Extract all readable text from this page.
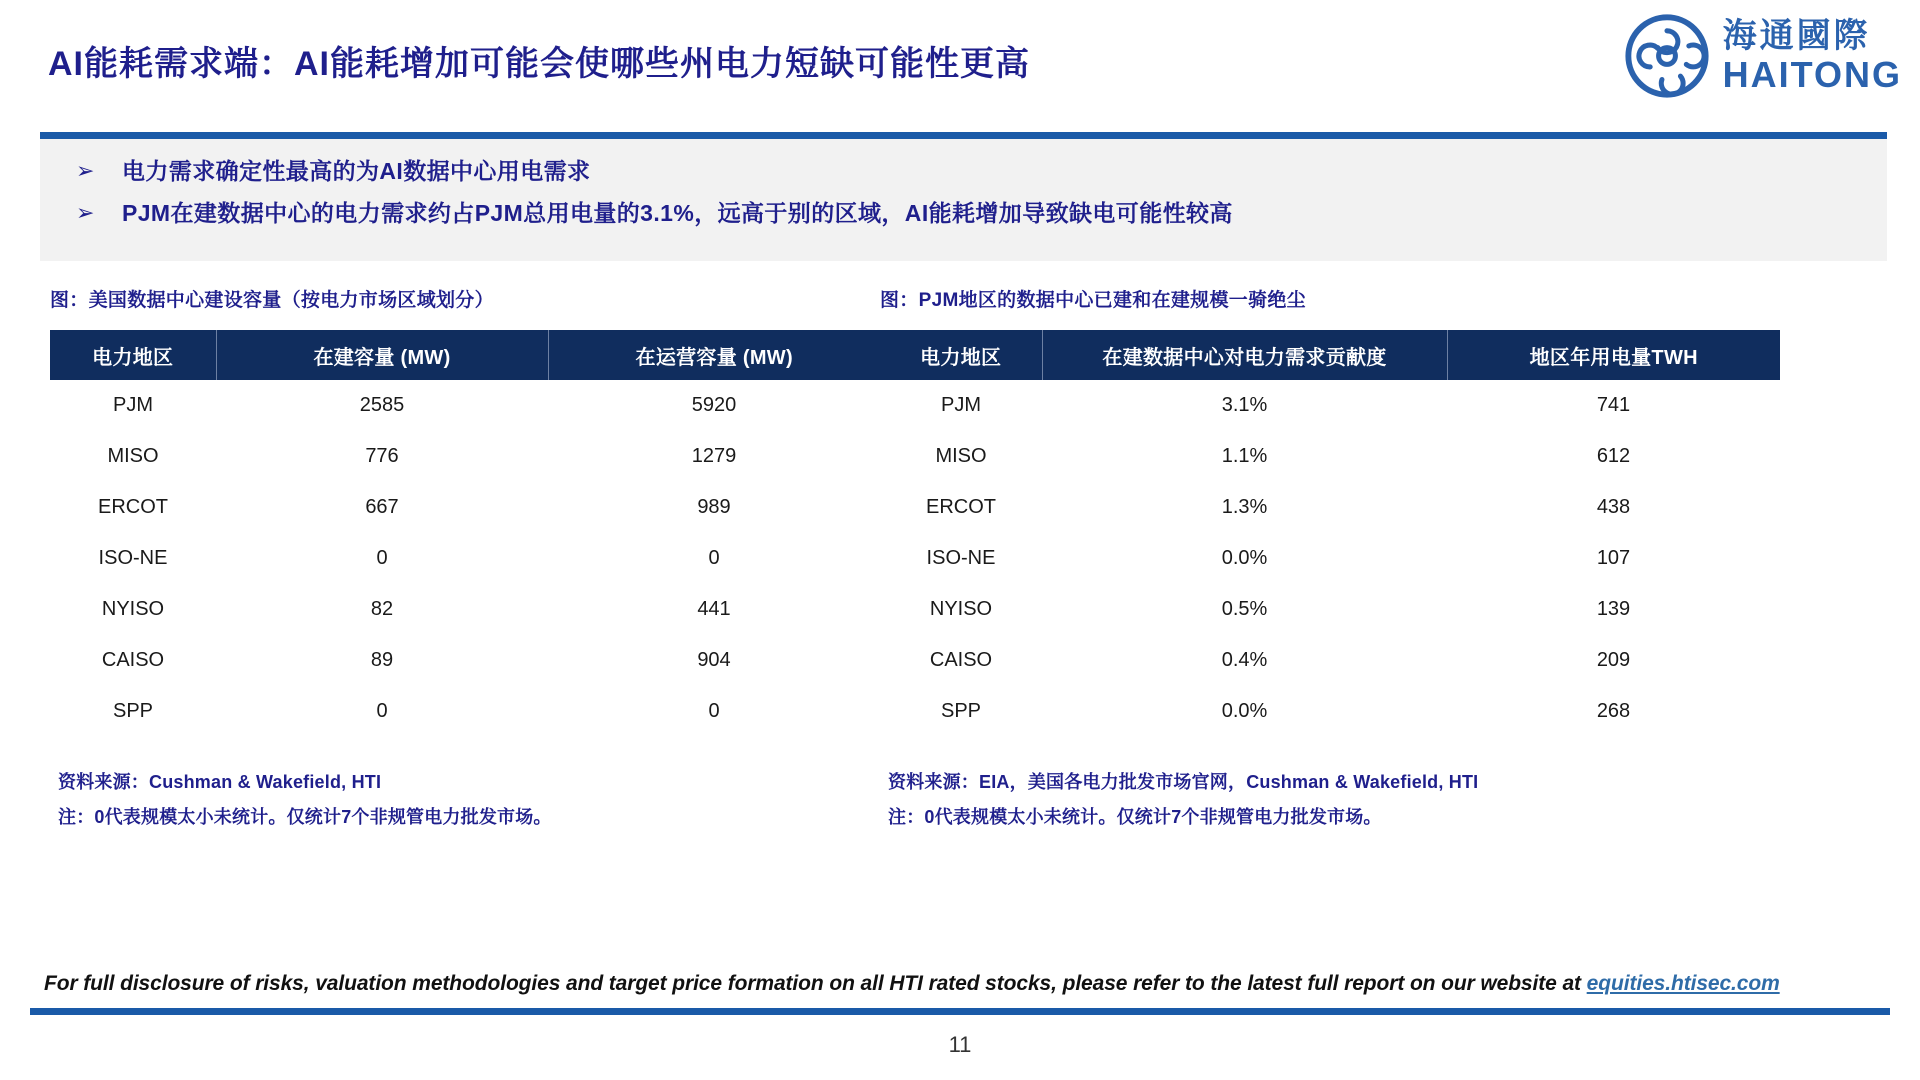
AI能耗需求端：AI能耗增加可能会使哪些州电力短缺可能性更高
海通國際
HAITONG
➢	电力需求确定性最高的为AI数据中心用电需求
➢	PJM在建数据中心的电力需求约占PJM总用电量的3.1%，远高于别的区域，AI能耗增加导致缺电可能性较高
图：美国数据中心建设容量（按电力市场区域划分）
电力地区	在建容量 (MW)	在运营容量 (MW)
PJM	2585	5920
MISO	776	1279
ERCOT	667	989
ISO-NE	0	0
NYISO	82	441
CAISO	89	904
SPP	0	0
资料来源：Cushman & Wakefield, HTI
注：0代表规模太小未统计。仅统计7个非规管电力批发市场。
图：PJM地区的数据中心已建和在建规模一骑绝尘
电力地区	在建数据中心对电力需求贡献度	地区年用电量TWH
PJM	3.1%	741
MISO	1.1%	612
ERCOT	1.3%	438
ISO-NE	0.0%	107
NYISO	0.5%	139
CAISO	0.4%	209
SPP	0.0%	268
资料来源：EIA，美国各电力批发市场官网，Cushman & Wakefield, HTI
注：0代表规模太小未统计。仅统计7个非规管电力批发市场。
For full disclosure of risks, valuation methodologies and target price formation on all HTI rated stocks, please refer to the latest full report on our website at equities.htisec.com
11
